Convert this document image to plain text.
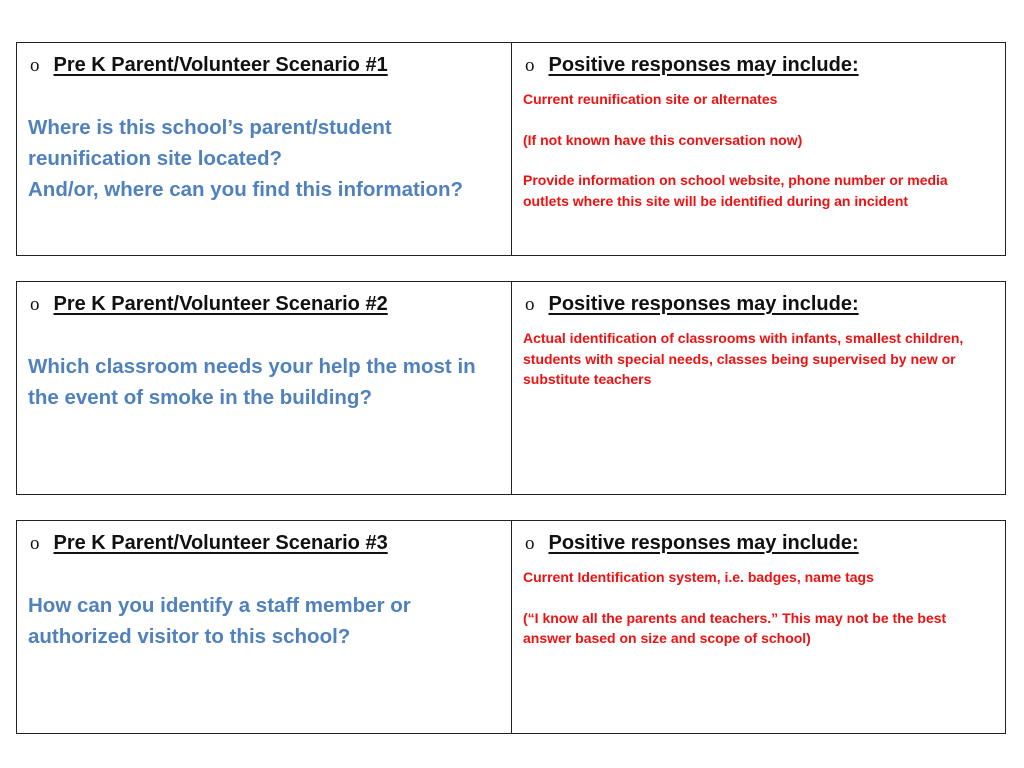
o Pre K Parent/Volunteer Scenario #1

Where is this school’s parent/student reunification site located?

And/or, where can you find this information?

o Positive responses may include:

Current reunification site or alternates

(If not known have this conversation now)

Provide information on school website, phone number or media outlets where this site will be identified during an incident

o Pre K Parent/Volunteer Scenario #2

Which classroom needs your help the most in the event of smoke in the building?

o Positive responses may include:

Actual identification of classrooms with infants, smallest children, students with special needs, classes being supervised by new or substitute teachers

o Pre K Parent/Volunteer Scenario #3

How can you identify a staff member or authorized visitor to this school?

o Positive responses may include:

Current Identification system, i.e. badges, name tags

(“I know all the parents and teachers.” This may not be the best answer based on size and scope of school)
